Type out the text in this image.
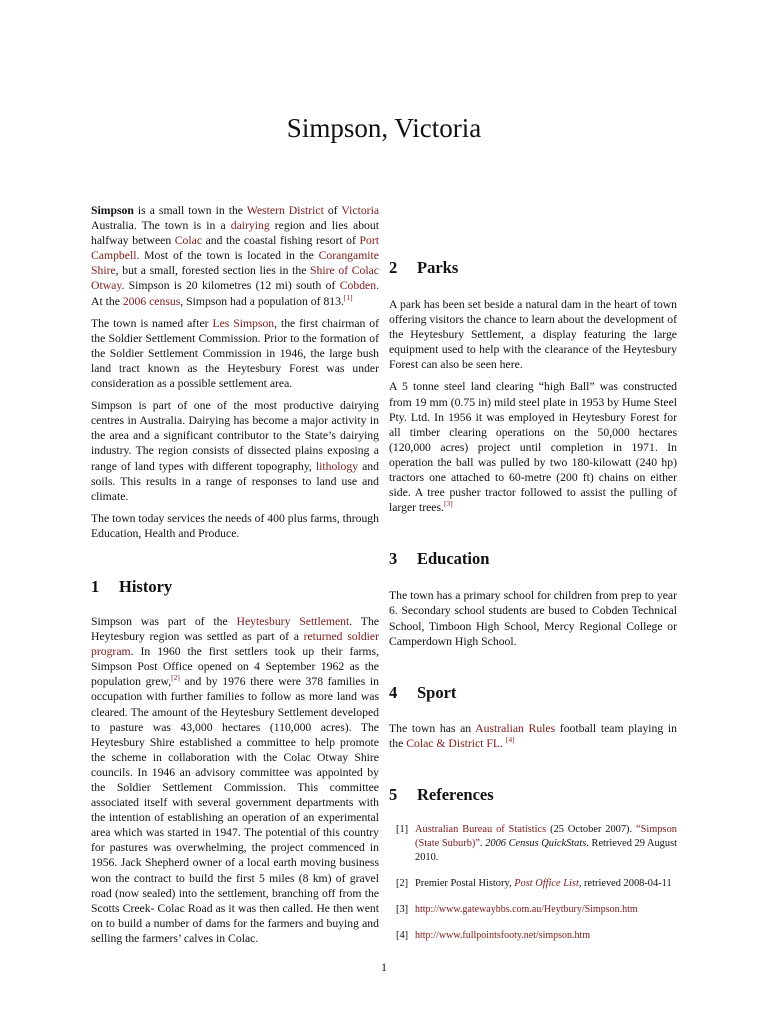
Simpson, Victoria

Simpson is a small town in the Western District of Victoria Australia. The town is in a dairying region and lies about halfway between Colac and the coastal fishing resort of Port Campbell. Most of the town is located in the Corangamite Shire, but a small, forested section lies in the Shire of Colac Otway. Simpson is 20 kilometres (12 mi) south of Cobden. At the 2006 census, Simpson had a population of 813.[1]

The town is named after Les Simpson, the first chairman of the Soldier Settlement Commission. Prior to the formation of the Soldier Settlement Commission in 1946, the large bush land tract known as the Heytesbury Forest was under consideration as a possible settlement area.

Simpson is part of one of the most productive dairying centres in Australia. Dairying has become a major activity in the area and a significant contributor to the State’s dairying industry. The region consists of dissected plains exposing a range of land types with different topography, lithology and soils. This results in a range of responses to land use and climate.

The town today services the needs of 400 plus farms, through Education, Health and Produce.

1	History

Simpson was part of the Heytesbury Settlement. The Heytesbury region was settled as part of a returned soldier program. In 1960 the first settlers took up their farms, Simpson Post Office opened on 4 September 1962 as the population grew,[2] and by 1976 there were 378 families in occupation with further families to follow as more land was cleared. The amount of the Heytesbury Settlement developed to pasture was 43,000 hectares (110,000 acres). The Heytesbury Shire established a committee to help promote the scheme in collaboration with the Colac Otway Shire councils. In 1946 an advisory committee was appointed by the Soldier Settlement Commission. This committee associated itself with several government departments with the intention of establishing an operation of an experimental area which was started in 1947. The potential of this country for pastures was overwhelming, the project commenced in 1956. Jack Shepherd owner of a local earth moving business won the contract to build the first 5 miles (8 km) of gravel road (now sealed) into the settlement, branching off from the Scotts Creek- Colac Road as it was then called. He then went on to build a number of dams for the farmers and buying and selling the farmers’ calves in Colac.

2	Parks

A park has been set beside a natural dam in the heart of town offering visitors the chance to learn about the development of the Heytesbury Settlement, a display featuring the large equipment used to help with the clearance of the Heytesbury Forest can also be seen here.

A 5 tonne steel land clearing “high Ball” was constructed from 19 mm (0.75 in) mild steel plate in 1953 by Hume Steel Pty. Ltd. In 1956 it was employed in Heytesbury Forest for all timber clearing operations on the 50,000 hectares (120,000 acres) project until completion in 1971. In operation the ball was pulled by two 180-kilowatt (240 hp) tractors one attached to 60-metre (200 ft) chains on either side. A tree pusher tractor followed to assist the pulling of larger trees.[3]

3	Education

The town has a primary school for children from prep to year 6. Secondary school students are bused to Cobden Technical School, Timboon High School, Mercy Regional College or Camperdown High School.

4	Sport

The town has an Australian Rules football team playing in the Colac & District FL. [4]

5	References
[1] Australian Bureau of Statistics (25 October 2007). “Simpson (State Suburb)”. 2006 Census QuickStats. Retrieved 29 August 2010.
[2] Premier Postal History, Post Office List, retrieved 2008-04-11
[3] http://www.gatewaybbs.com.au/Heytbury/Simpson.htm
[4] http://www.fullpointsfooty.net/simpson.htm
1
